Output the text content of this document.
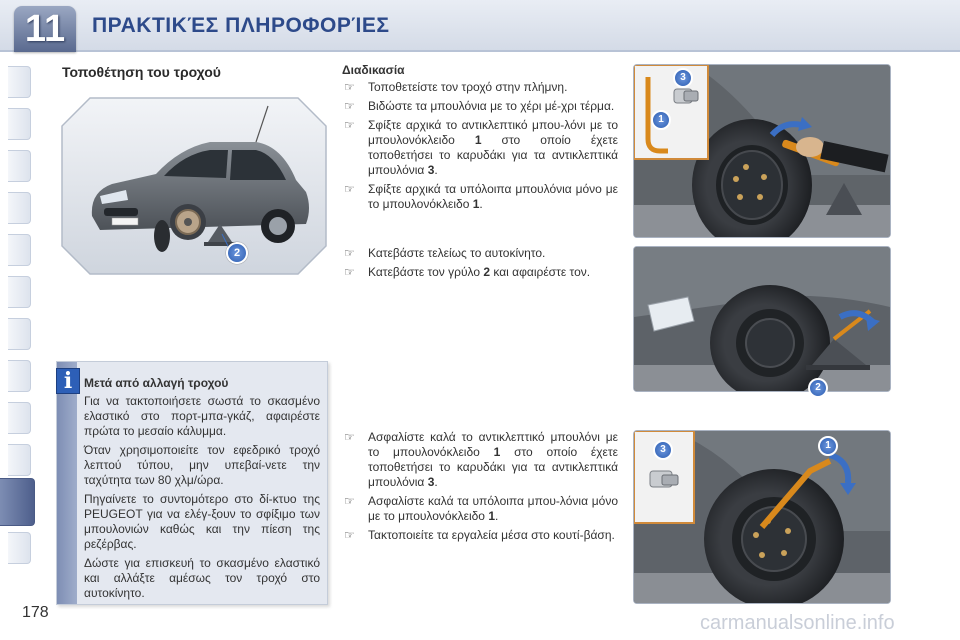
11	ΠΡΑΚΤΙΚΈΣ ΠΛΗΡΟΦΟΡΊΕΣ
178
Τοποθέτηση του τροχού
2
i Μετά από αλλαγή τροχού

Για να τακτοποιήσετε σωστά το σκασμένο ελαστικό στο πορτ-μπα-γκάζ, αφαιρέστε πρώτα το μεσαίο κάλυμμα.

Όταν χρησιμοποιείτε τον εφεδρικό τροχό λεπτού τύπου, μην υπεβαί-νετε την ταχύτητα των 80 χλμ/ώρα.

Πηγαίνετε το συντομότερο στο δί-κτυο της PEUGEOT για να ελέγ-ξουν το σφίξιμο των μπουλονιών καθώς και την πίεση της ρεζέρβας.

Δώστε για επισκευή το σκασμένο ελαστικό και αλλάξτε αμέσως τον τροχό στο αυτοκίνητο.

Διαδικασία
☞ Τοποθετείστε τον τροχό στην πλήμνη.
☞ Βιδώστε τα μπουλόνια με το χέρι μέ-χρι τέρμα.
☞ Σφίξτε αρχικά το αντικλεπτικό μπου-λόνι με το μπουλονόκλειδο 1 στο οποίο έχετε τοποθετήσει το καρυδάκι για τα αντικλεπτικά μπουλόνια 3.
☞ Σφίξτε αρχικά τα υπόλοιπα μπουλόνια μόνο με το μπουλονόκλειδο 1.
☞ Κατεβάστε τελείως το αυτοκίνητο.
☞ Κατεβάστε τον γρύλο 2 και αφαιρέστε τον.
☞ Ασφαλίστε καλά το αντικλεπτικό μπουλόνι με το μπουλονόκλειδο 1 στο οποίο έχετε τοποθετήσει το καρυδάκι για τα αντικλεπτικά μπουλόνια 3.
☞ Ασφαλίστε καλά τα υπόλοιπα μπου-λόνια μόνο με το μπουλονόκλειδο 1.
☞ Τακτοποιείτε τα εργαλεία μέσα στο κουτί-βάση.
3
1
2
3	1
carmanualsonline.info
